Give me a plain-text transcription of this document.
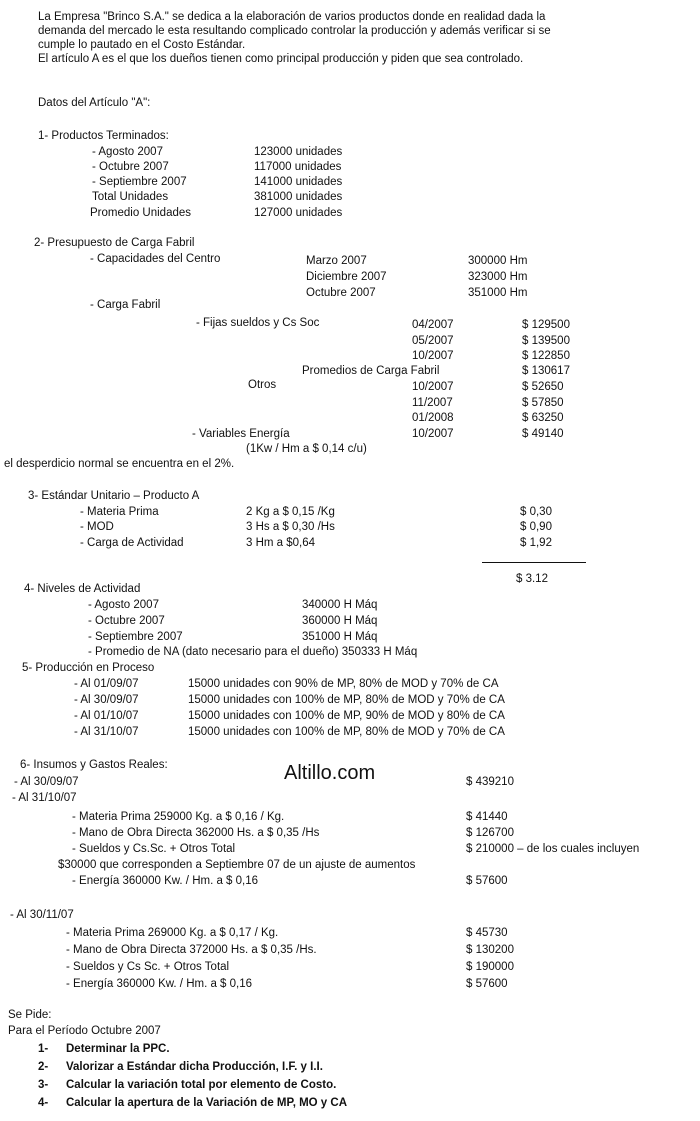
La Empresa "Brinco S.A." se dedica a la elaboración de varios productos donde en realidad dada la
demanda del mercado le esta resultando complicado controlar la producción y además verificar si se
cumple lo pautado en el Costo Estándar.
El artículo A es el que los dueños tienen como principal producción y piden que sea controlado.
Datos del Artículo "A":
1- Productos Terminados:
- Agosto 2007	123000 unidades
- Octubre 2007	117000 unidades
- Septiembre 2007	141000 unidades
Total Unidades	381000 unidades
Promedio Unidades	127000 unidades
2- Presupuesto de Carga Fabril
- Capacidades del Centro	Marzo 2007	300000 Hm
Diciembre 2007	323000 Hm
Octubre 2007	351000 Hm
- Carga Fabril
- Fijas sueldos y Cs Soc	04/2007	$ 129500
05/2007	$ 139500
10/2007	$ 122850
Promedios de Carga Fabril	$ 130617
Otros	10/2007	$ 52650
11/2007	$ 57850
01/2008	$ 63250
- Variables Energía	10/2007	$ 49140
(1Kw / Hm a $ 0,14 c/u)
el desperdicio normal se encuentra en el 2%.
3- Estándar Unitario – Producto A
- Materia Prima	2 Kg a $ 0,15 /Kg	$ 0,30
- MOD	3 Hs a $ 0,30 /Hs	$ 0,90
- Carga de Actividad	3 Hm a $0,64	$ 1,92
$ 3.12
4- Niveles de Actividad
- Agosto 2007	340000 H Máq
- Octubre 2007	360000 H Máq
- Septiembre 2007	351000 H Máq
- Promedio de NA (dato necesario para el dueño) 350333 H Máq
5- Producción en Proceso
- Al 01/09/07	15000 unidades con 90% de MP, 80% de MOD y 70% de CA
- Al 30/09/07	15000 unidades con 100% de MP, 80% de MOD y 70% de CA
- Al 01/10/07	15000 unidades con 100% de MP, 90% de MOD y 80% de CA
- Al 31/10/07	15000 unidades con 100% de MP, 80% de MOD y 70% de CA
6- Insumos y Gastos Reales:	Altillo.com
- Al 30/09/07	$ 439210
- Al 31/10/07
- Materia Prima 259000 Kg. a $ 0,16 / Kg.	$ 41440
- Mano de Obra Directa 362000 Hs. a $ 0,35 /Hs	$ 126700
- Sueldos y Cs.Sc. + Otros Total	$ 210000 – de los cuales incluyen
$30000 que corresponden a Septiembre 07 de un ajuste de aumentos
- Energía 360000 Kw. / Hm. a $ 0,16	$ 57600
- Al 30/11/07
- Materia Prima 269000 Kg. a $ 0,17 / Kg.	$ 45730
- Mano de Obra Directa 372000 Hs. a $ 0,35 /Hs.	$ 130200
- Sueldos y Cs Sc. + Otros Total	$ 190000
- Energía 360000 Kw. / Hm. a $ 0,16	$ 57600
Se Pide:
Para el Período Octubre 2007
1- Determinar la PPC.
2- Valorizar a Estándar dicha Producción, I.F. y I.I.
3- Calcular la variación total por elemento de Costo.
4- Calcular la apertura de la Variación de MP, MO y CA
